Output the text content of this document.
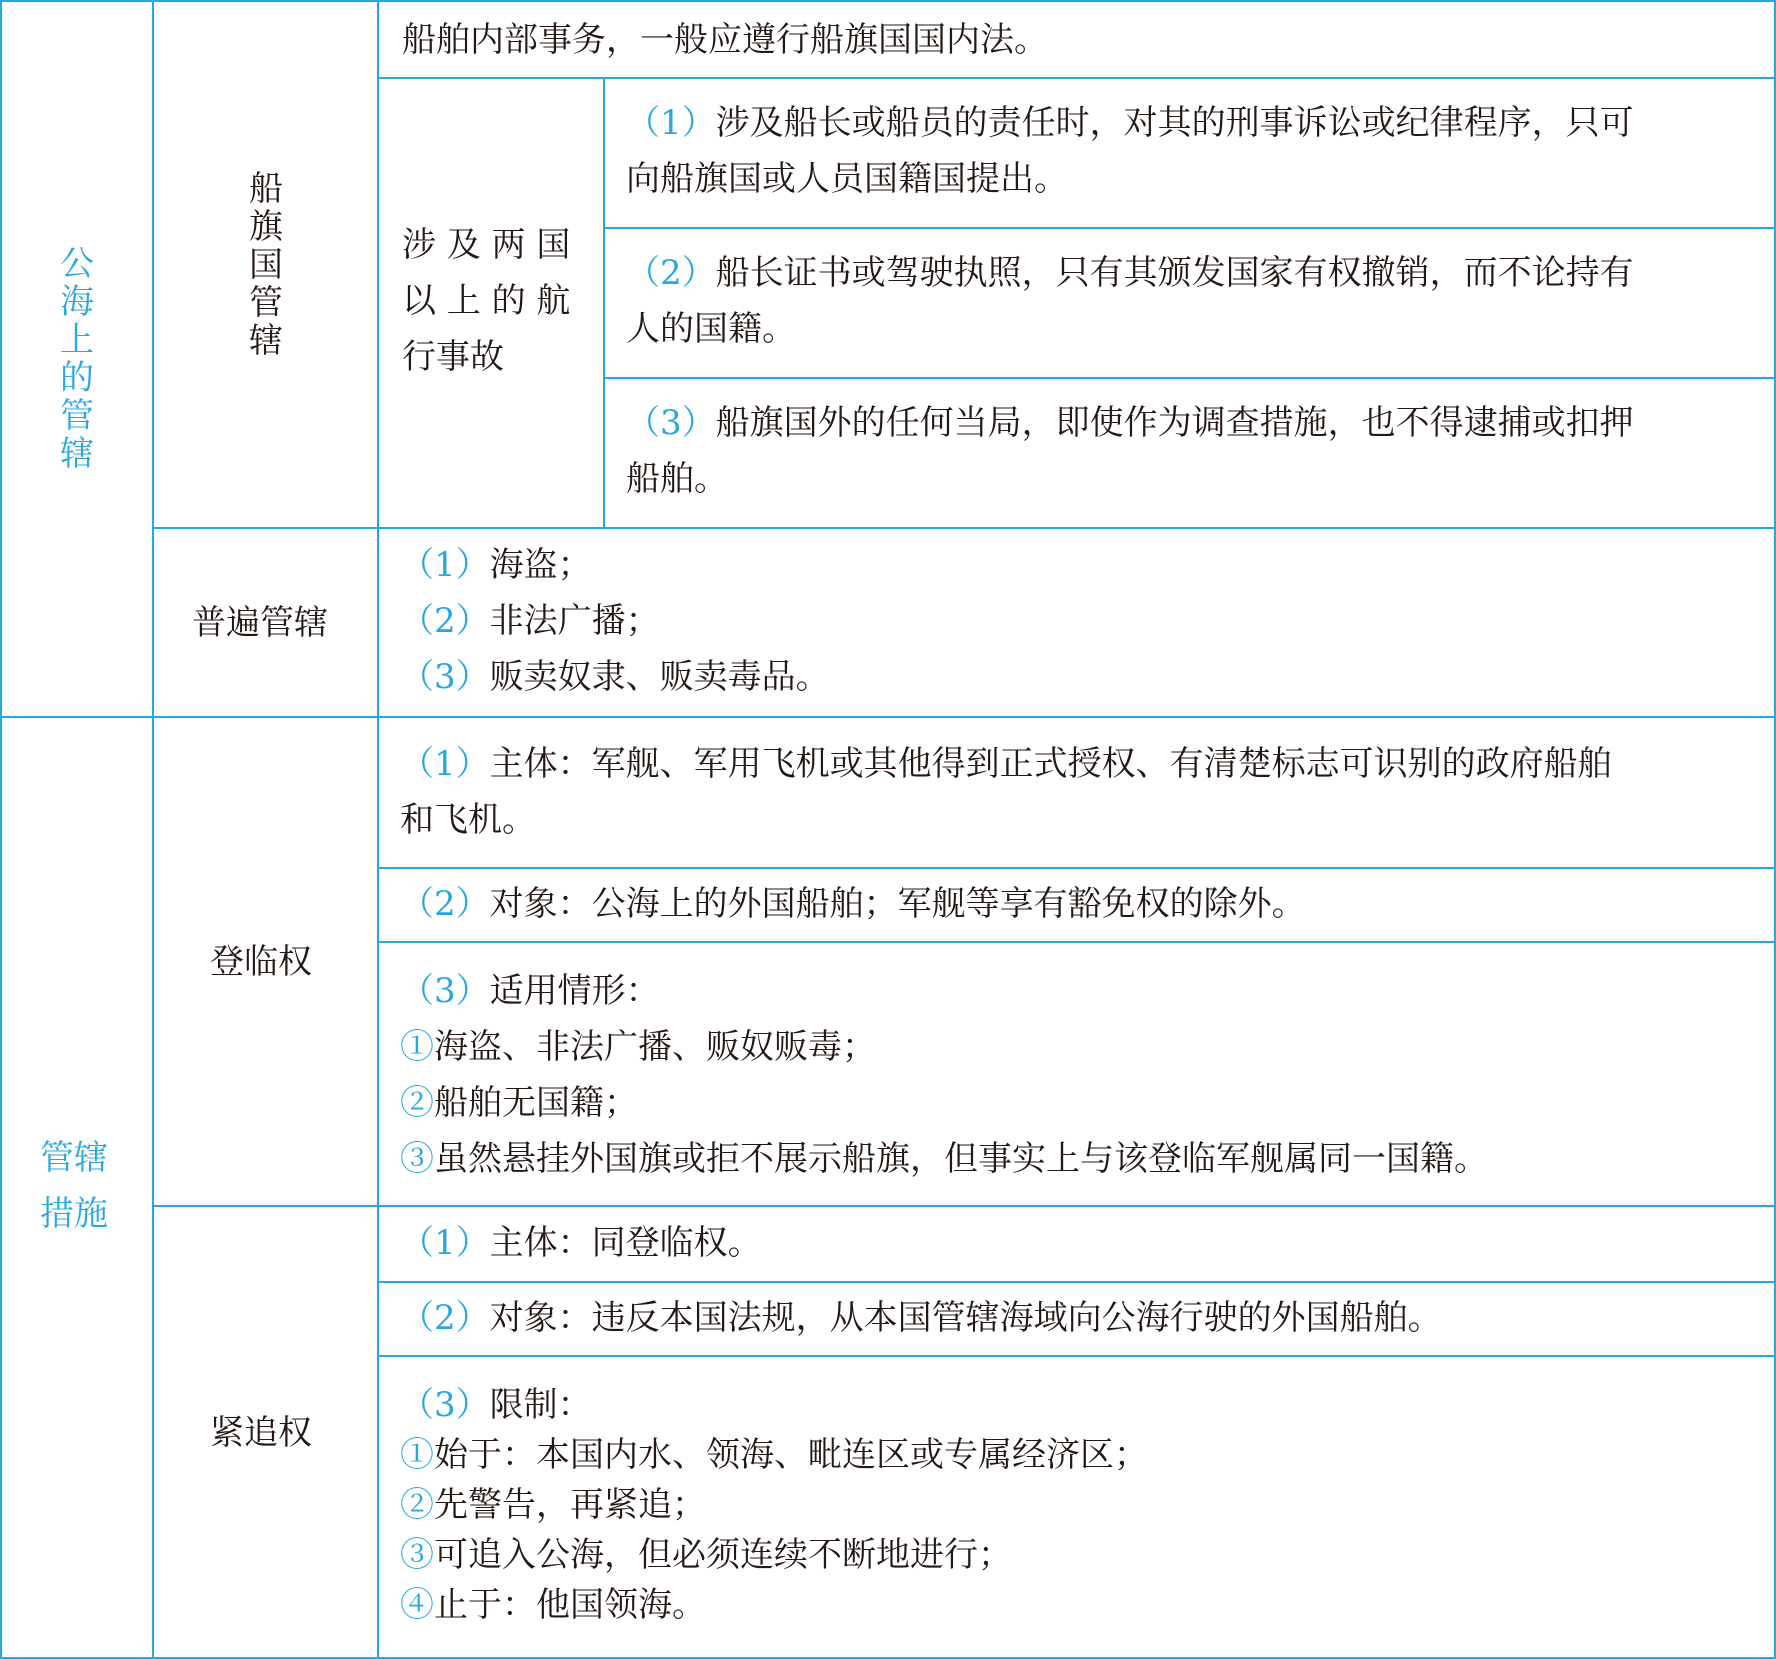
公海上的管辖
管辖
措施
船旗国管辖
普遍管辖
登临权
紧追权
船舶内部事务，一般应遵行船旗国国内法。
涉 及 两 国
以 上 的 航
行事故
（1）涉及船长或船员的责任时，对其的刑事诉讼或纪律程序，只可
向船旗国或人员国籍国提出。
（2）船长证书或驾驶执照，只有其颁发国家有权撤销，而不论持有
人的国籍。
（3）船旗国外的任何当局，即使作为调查措施，也不得逮捕或扣押
船舶。
（1）海盗；
（2）非法广播；
（3）贩卖奴隶、贩卖毒品。
（1）主体：军舰、军用飞机或其他得到正式授权、有清楚标志可识别的政府船舶
和飞机。
（2）对象：公海上的外国船舶；军舰等享有豁免权的除外。
（3）适用情形：
①海盗、非法广播、贩奴贩毒；
②船舶无国籍；
③虽然悬挂外国旗或拒不展示船旗，但事实上与该登临军舰属同一国籍。
（1）主体：同登临权。
（2）对象：违反本国法规，从本国管辖海域向公海行驶的外国船舶。
（3）限制：
①始于：本国内水、领海、毗连区或专属经济区；
②先警告，再紧追；
③可追入公海，但必须连续不断地进行；
④止于：他国领海。
